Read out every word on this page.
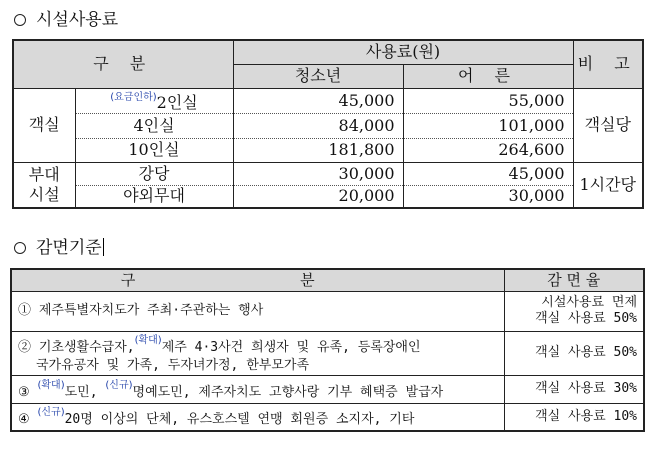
시설사용료
구 분		사용료(원)		비 고
		청소년	어 른	
객실	$^{(요금인하)}$2인실	45,000	55,000	객실당
	4인실	84,000	101,000	
	10인실	181,800	264,600	
부대
시설	강당	30,000	45,000	1시간당
	야외무대	20,000	30,000	
감면기준
구 분	감 면 율
① 제주특별자치도가 주최·주관하는 행사	시설사용료 면제
객실 사용료 50%
② 기초생활수급자,$^{(확대)}$제주 4·3사건 희생자 및 유족, 등록장애인
국가유공자 및 가족, 두자녀가정, 한부모가족	객실 사용료 50%
③ $^{(확대)}$도민, $^{(신규)}$명예도민, 제주자치도 고향사랑 기부 혜택증 발급자	객실 사용료 30%
④ $^{(신규)}$20명 이상의 단체, 유스호스텔 연맹 회원증 소지자, 기타	객실 사용료 10%
